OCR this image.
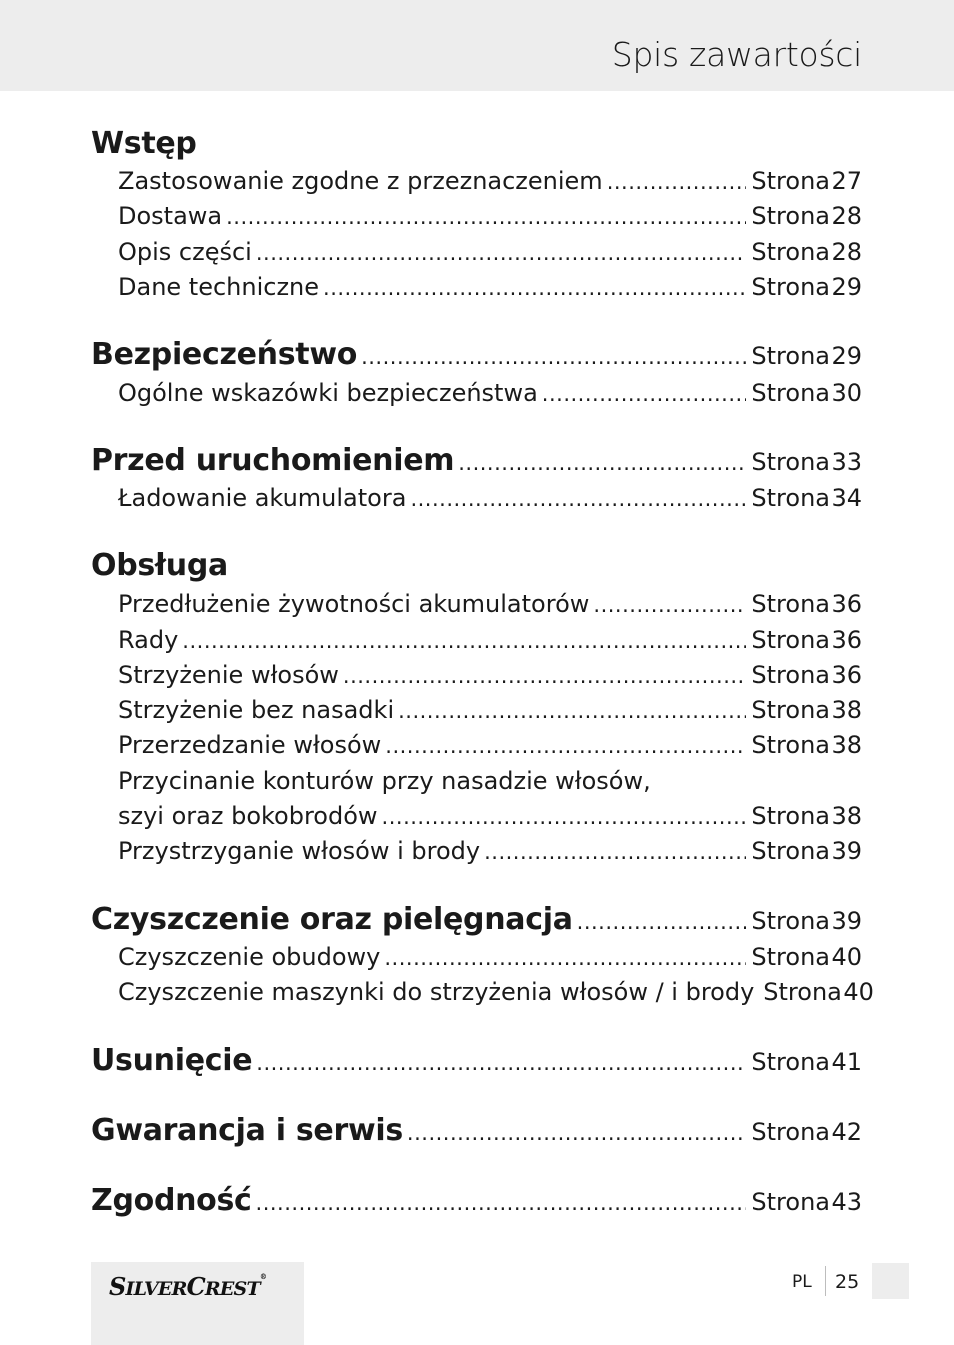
Spis zawartości
Wstęp
Zastosowanie zgodne z przeznaczeniem .....	Strona 27
Dostawa .....	Strona 28
Opis części .....	Strona 28
Dane techniczne .....	Strona 29
Bezpieczeństwo .....	Strona 29
Ogólne wskazówki bezpieczeństwa .....	Strona 30
Przed uruchomieniem .....	Strona 33
Ładowanie akumulatora .....	Strona 34
Obsługa
Przedłużenie żywotności akumulatorów .....	Strona 36
Rady .....	Strona 36
Strzyżenie włosów .....	Strona 36
Strzyżenie bez nasadki .....	Strona 38
Przerzedzanie włosów .....	Strona 38
Przycinanie konturów przy nasadzie włosów,
szyi oraz bokobrodów .....	Strona 38
Przystrzyganie włosów i brody .....	Strona 39
Czyszczenie oraz pielęgnacja .....	Strona 39
Czyszczenie obudowy .....	Strona 40
Czyszczenie maszynki do strzyżenia włosów / i brody Strona 40
Usunięcie .....	Strona 41
Gwarancja i serwis .....	Strona 42
Zgodność .....	Strona 43
SILVERCREST®	PL 25
